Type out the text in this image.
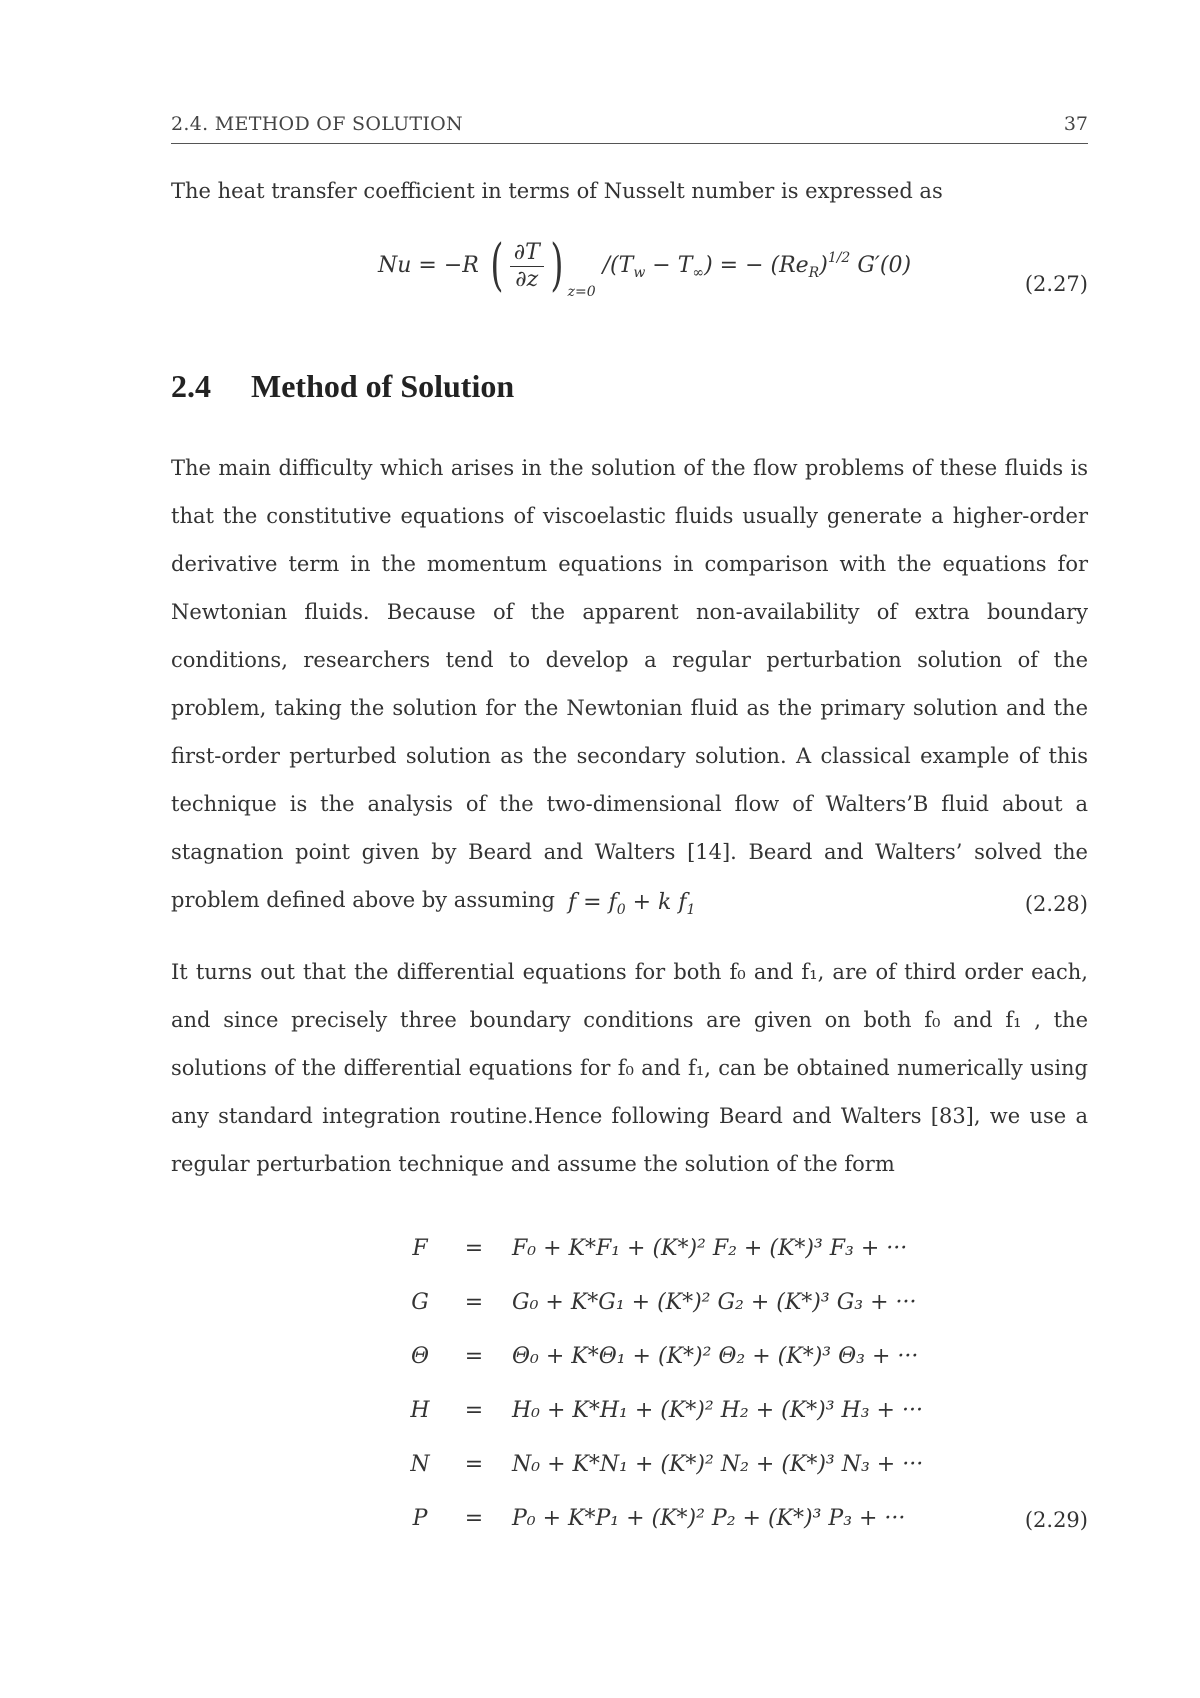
2.4. METHOD OF SOLUTION	37
The heat transfer coefficient in terms of Nusselt number is expressed as
Nu = −R ( $\frac{\partial T}{\partial z}$ ) $_{z=0}$ $/(T_w - T_\infty)$ = − $(Re_R)^{1/2}$ G′(0)
(2.27)
2.4 Method of Solution
The main difficulty which arises in the solution of the flow problems of these fluids is that the constitutive equations of viscoelastic fluids usually generate a higher-order derivative term in the momentum equations in comparison with the equations for Newtonian fluids. Because of the apparent non-availability of extra boundary conditions, researchers tend to develop a regular perturbation solution of the problem, taking the solution for the Newtonian fluid as the primary solution and the first-order perturbed solution as the secondary solution. A classical example of this technique is the analysis of the two-dimensional flow of Walters’B fluid about a stagnation point given by Beard and Walters [14]. Beard and Walters’ solved the problem defined above by assuming $f = f_0 + k$ $f_1$	(2.28)
It turns out that the differential equations for both f₀ and f₁, are of third order each, and since precisely three boundary conditions are given on both f₀ and f₁ , the solutions of the differential equations for f₀ and f₁, can be obtained numerically using any standard integration routine.Hence following Beard and Walters [83], we use a regular perturbation technique and assume the solution of the form
F = F₀ + K*F₁ + (K*)² F₂ + (K*)³ F₃ + ···
G = G₀ + K*G₁ + (K*)² G₂ + (K*)³ G₃ + ···
Θ = Θ₀ + K*Θ₁ + (K*)² Θ₂ + (K*)³ Θ₃ + ···
H = H₀ + K*H₁ + (K*)² H₂ + (K*)³ H₃ + ···
N = N₀ + K*N₁ + (K*)² N₂ + (K*)³ N₃ + ···
P = P₀ + K*P₁ + (K*)² P₂ + (K*)³ P₃ + ···	(2.29)
